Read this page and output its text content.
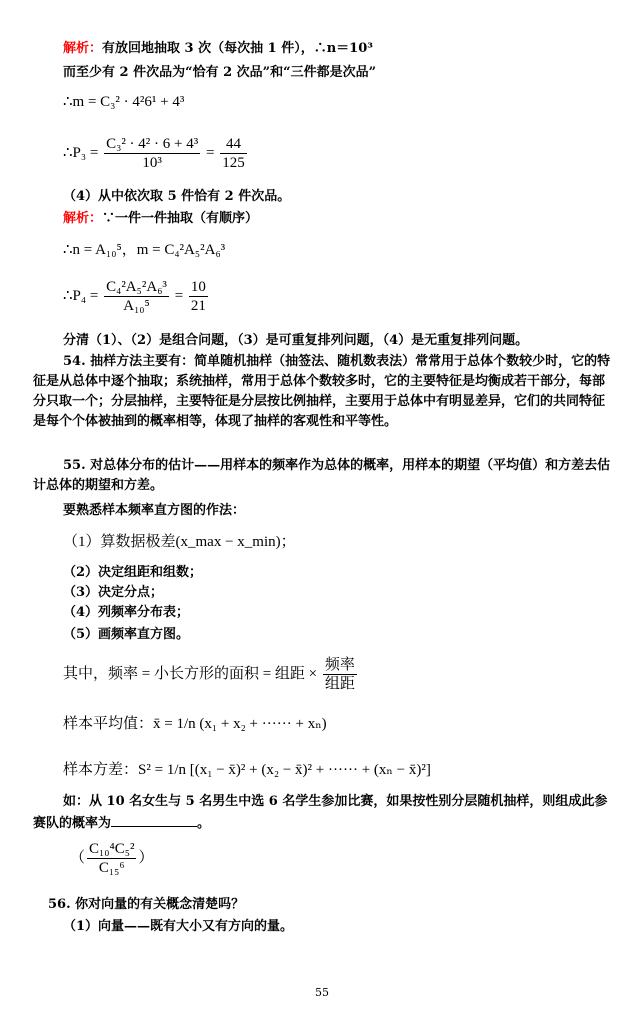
解析：有放回地抽取 3 次（每次抽 1 件），∴n＝10³
而至少有 2 件次品为“恰有 2 次品”和“三件都是次品”
∴m = C₃² · 4²6¹ + 4³
∴P₃ = $\frac{\text{C₃² · 4² · 6 + 4³}}{\text{10³}} = \frac{44}{125}$
（4）从中依次取 5 件恰有 2 件次品。
解析：∵一件一件抽取（有顺序）
∴n = A₁₀⁵，m = C₄²A₅²A₆³
∴P₄ = $\frac{\text{C₄²A₅²A₆³}}{\text{A₁₀⁵}} = \frac{10}{21}$
分清（1）、（2）是组合问题，（3）是可重复排列问题，（4）是无重复排列问题。
54. 抽样方法主要有：简单随机抽样（抽签法、随机数表法）常常用于总体个数较少时，它的特征是从总体中逐个抽取；系统抽样，常用于总体个数较多时，它的主要特征是均衡成若干部分，每部分只取一个；分层抽样，主要特征是分层按比例抽样，主要用于总体中有明显差异，它们的共同特征是每个个体被抽到的概率相等，体现了抽样的客观性和平等性。
55. 对总体分布的估计——用样本的频率作为总体的概率，用样本的期望（平均值）和方差去估计总体的期望和方差。
要熟悉样本频率直方图的作法：
（1）算数据极差(x_max − x_min)；
（2）决定组距和组数；
（3）决定分点；
（4）列频率分布表；
（5）画频率直方图。
其中，频率 = 小长方形的面积 = 组距 × $\frac{\text{频率}}{\text{组距}}$
样本平均值：x̄ = 1/n (x₁ + x₂ + ······ + xₙ)
样本方差：S² = 1/n [(x₁ − x̄)² + (x₂ − x̄)² + ······ + (xₙ − x̄)²]
如：从 10 名女生与 5 名男生中选 6 名学生参加比赛，如果按性别分层随机抽样，则组成此参赛队的概率为	。
（ $\frac{\text{C₁₀⁴C₅²}}{\text{C₁₅⁶}}$ ）
56. 你对向量的有关概念清楚吗？
（1）向量——既有大小又有方向的量。
55
